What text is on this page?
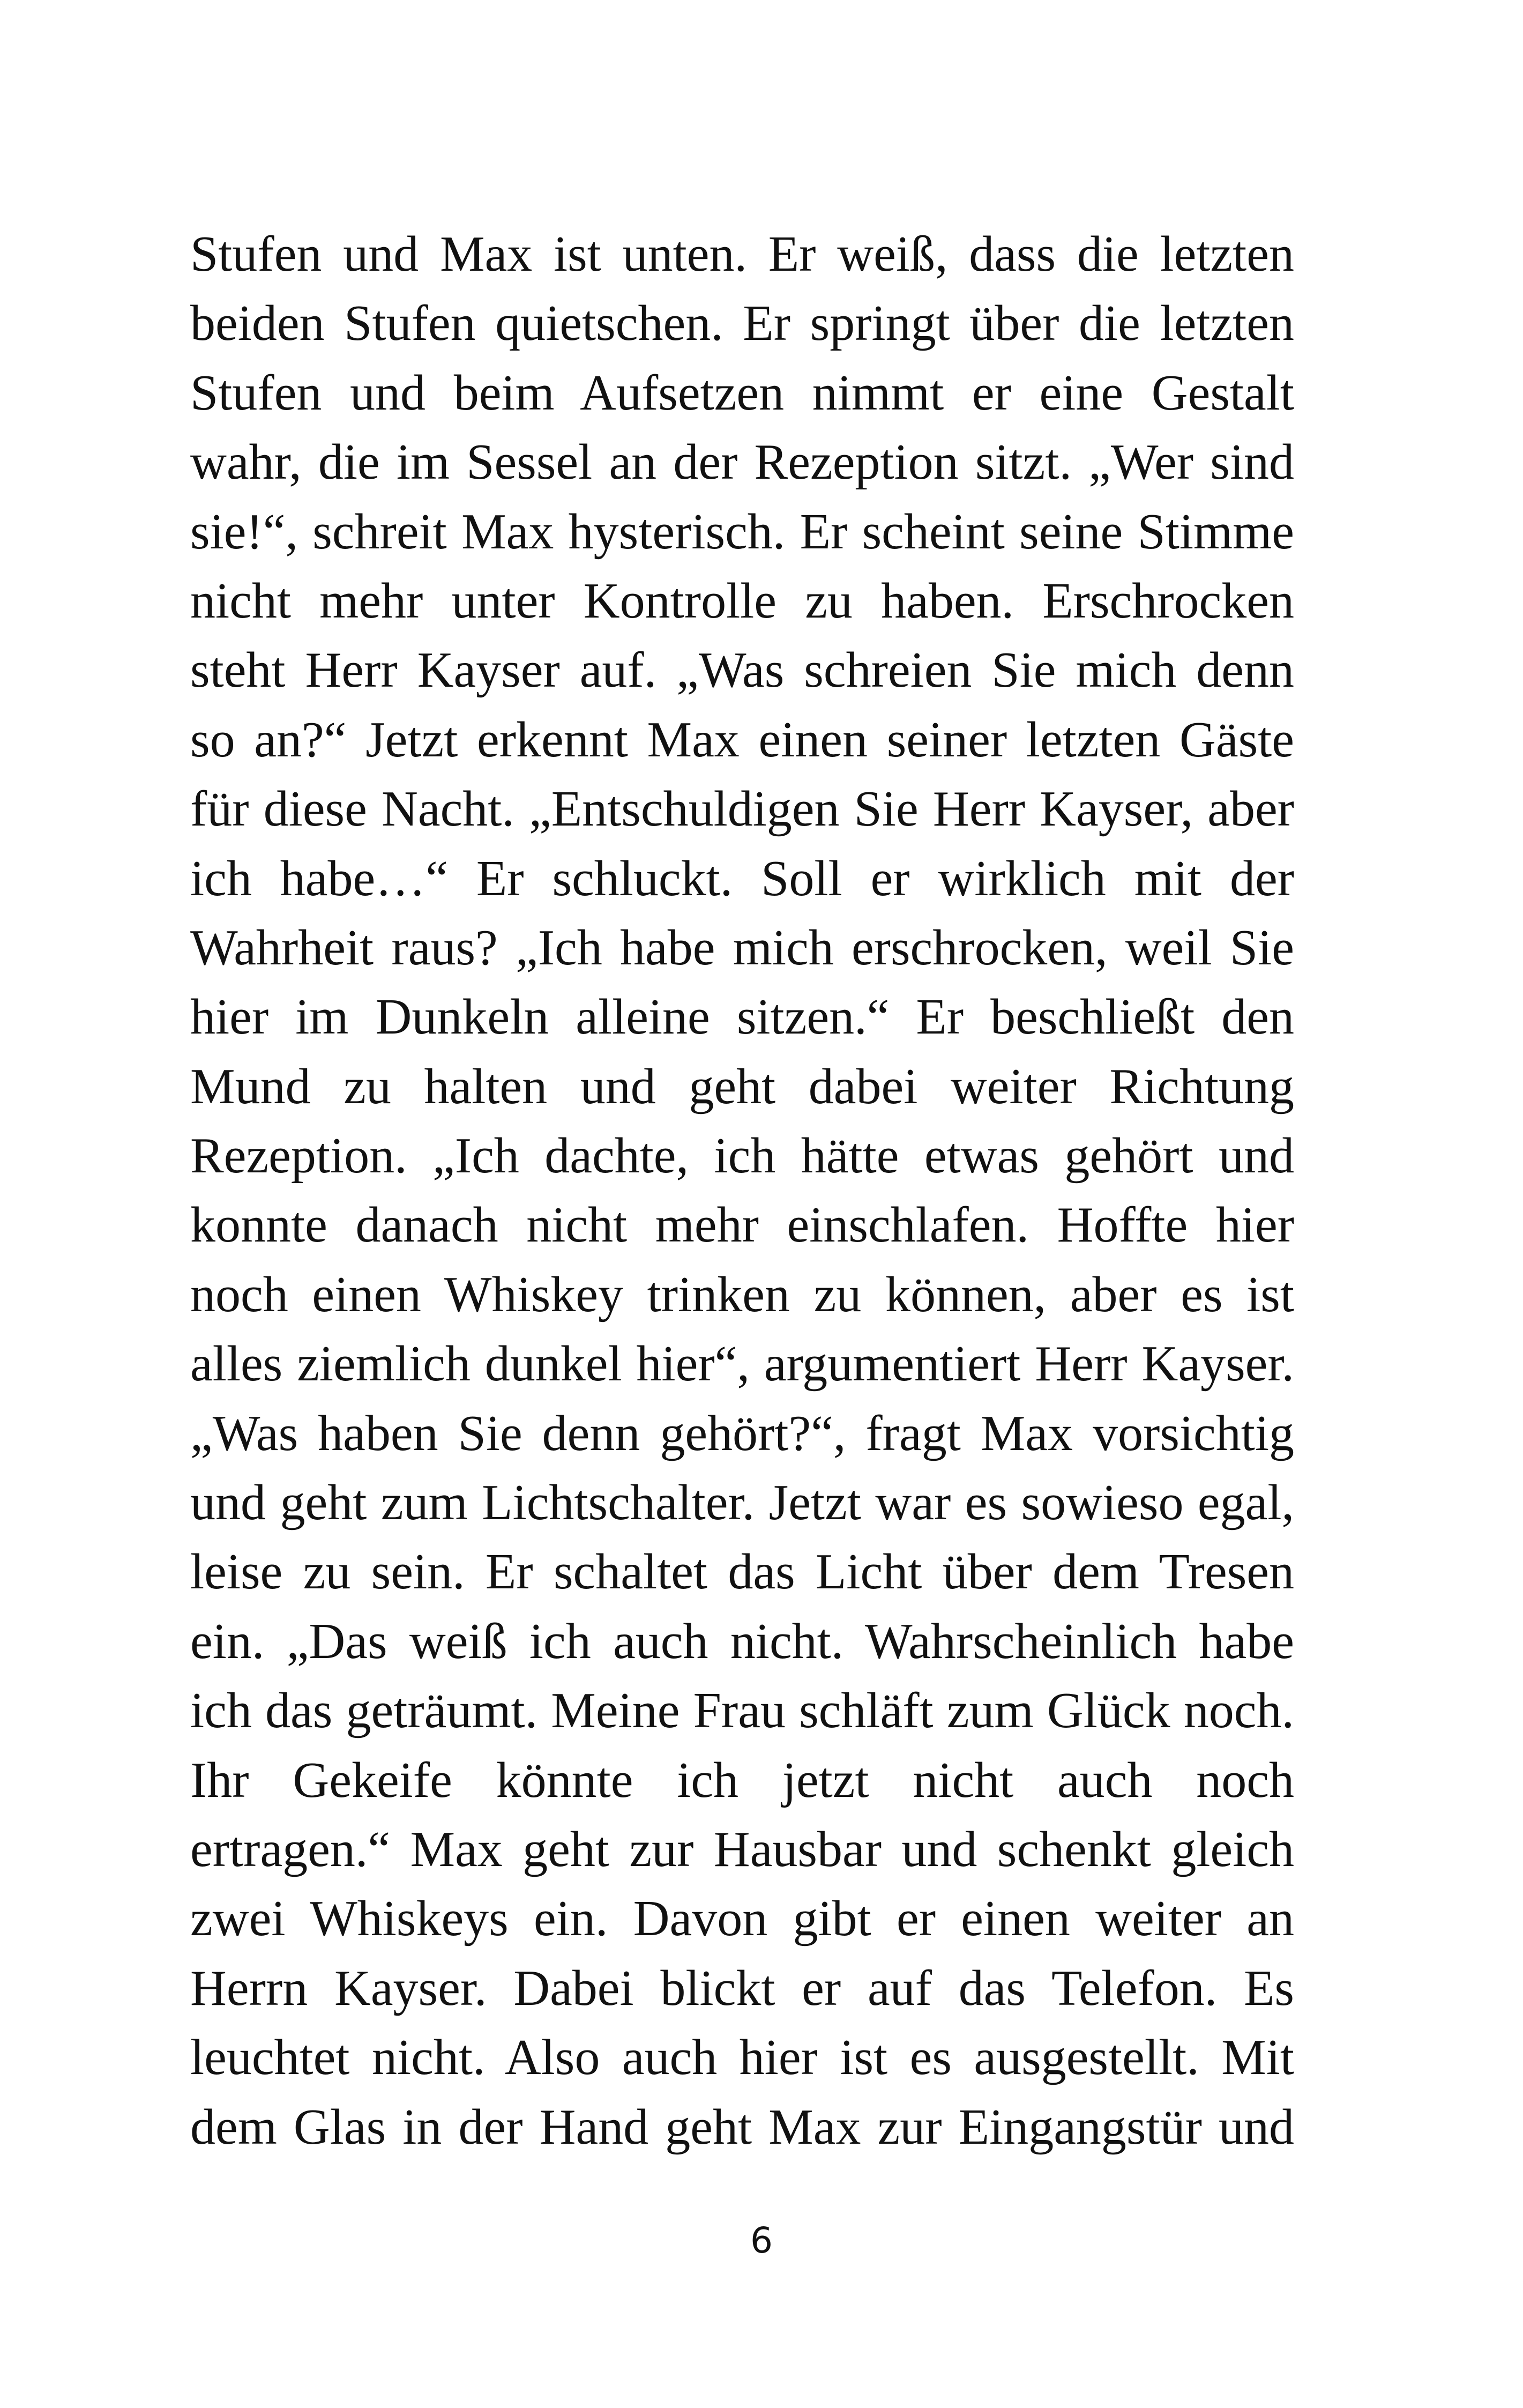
Stufen und Max ist unten. Er weiß, dass die letzten
beiden Stufen quietschen. Er springt über die letzten
Stufen und beim Aufsetzen nimmt er eine Gestalt
wahr, die im Sessel an der Rezeption sitzt. „Wer sind
sie!“, schreit Max hysterisch. Er scheint seine Stimme
nicht mehr unter Kontrolle zu haben. Erschrocken
steht Herr Kayser auf. „Was schreien Sie mich denn
so an?“ Jetzt erkennt Max einen seiner letzten Gäste
für diese Nacht. „Entschuldigen Sie Herr Kayser, aber
ich habe…“ Er schluckt. Soll er wirklich mit der
Wahrheit raus? „Ich habe mich erschrocken, weil Sie
hier im Dunkeln alleine sitzen.“ Er beschließt den
Mund zu halten und geht dabei weiter Richtung
Rezeption. „Ich dachte, ich hätte etwas gehört und
konnte danach nicht mehr einschlafen. Hoffte hier
noch einen Whiskey trinken zu können, aber es ist
alles ziemlich dunkel hier“, argumentiert Herr Kayser.
„Was haben Sie denn gehört?“, fragt Max vorsichtig
und geht zum Lichtschalter. Jetzt war es sowieso egal,
leise zu sein. Er schaltet das Licht über dem Tresen
ein. „Das weiß ich auch nicht. Wahrscheinlich habe
ich das geträumt. Meine Frau schläft zum Glück noch.
Ihr Gekeife könnte ich jetzt nicht auch noch
ertragen.“ Max geht zur Hausbar und schenkt gleich
zwei Whiskeys ein. Davon gibt er einen weiter an
Herrn Kayser. Dabei blickt er auf das Telefon. Es
leuchtet nicht. Also auch hier ist es ausgestellt. Mit
dem Glas in der Hand geht Max zur Eingangstür und
6
